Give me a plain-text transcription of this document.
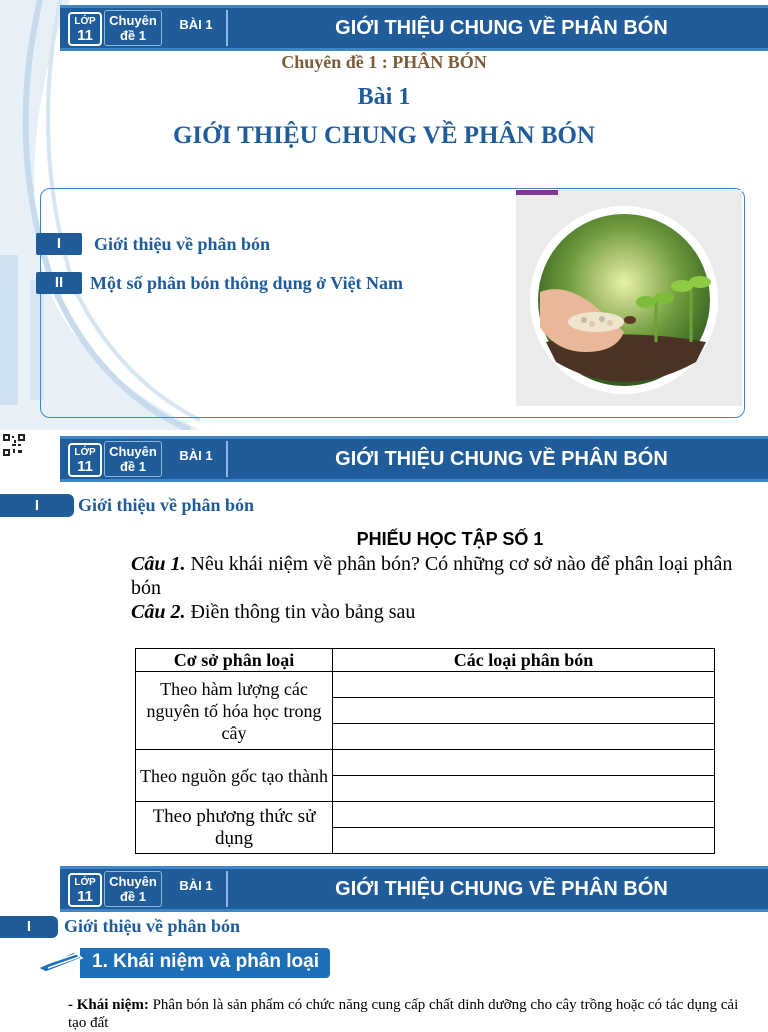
LỚP
11
Chuyên
đề 1
BÀI 1	GIỚI THIỆU CHUNG VỀ PHÂN BÓN
Chuyên đề 1 : PHÂN BÓN
Bài 1
GIỚI THIỆU CHUNG VỀ PHÂN BÓN
I	Giới thiệu về phân bón
II	Một số phân bón thông dụng ở Việt Nam
LỚP
11
Chuyên
đề 1
BÀI 1	GIỚI THIỆU CHUNG VỀ PHÂN BÓN
I	Giới thiệu về phân bón
PHIẾU HỌC TẬP SỐ 1
Câu 1. Nêu khái niệm về phân bón? Có những cơ sở nào để phân loại phân bón
Câu 2. Điền thông tin vào bảng sau
Cơ sở phân loại	Các loại phân bón
Theo hàm lượng các nguyên tố hóa học trong cây	

Theo nguồn gốc tạo thành	

Theo phương thức sử dụng	

LỚP
11
Chuyên
đề 1
BÀI 1	GIỚI THIỆU CHUNG VỀ PHÂN BÓN
I	Giới thiệu về phân bón
1. Khái niệm và phân loại
- Khái niệm: Phân bón là sản phẩm có chức năng cung cấp chất dinh dưỡng cho cây trồng hoặc có tác dụng cải tạo đất
